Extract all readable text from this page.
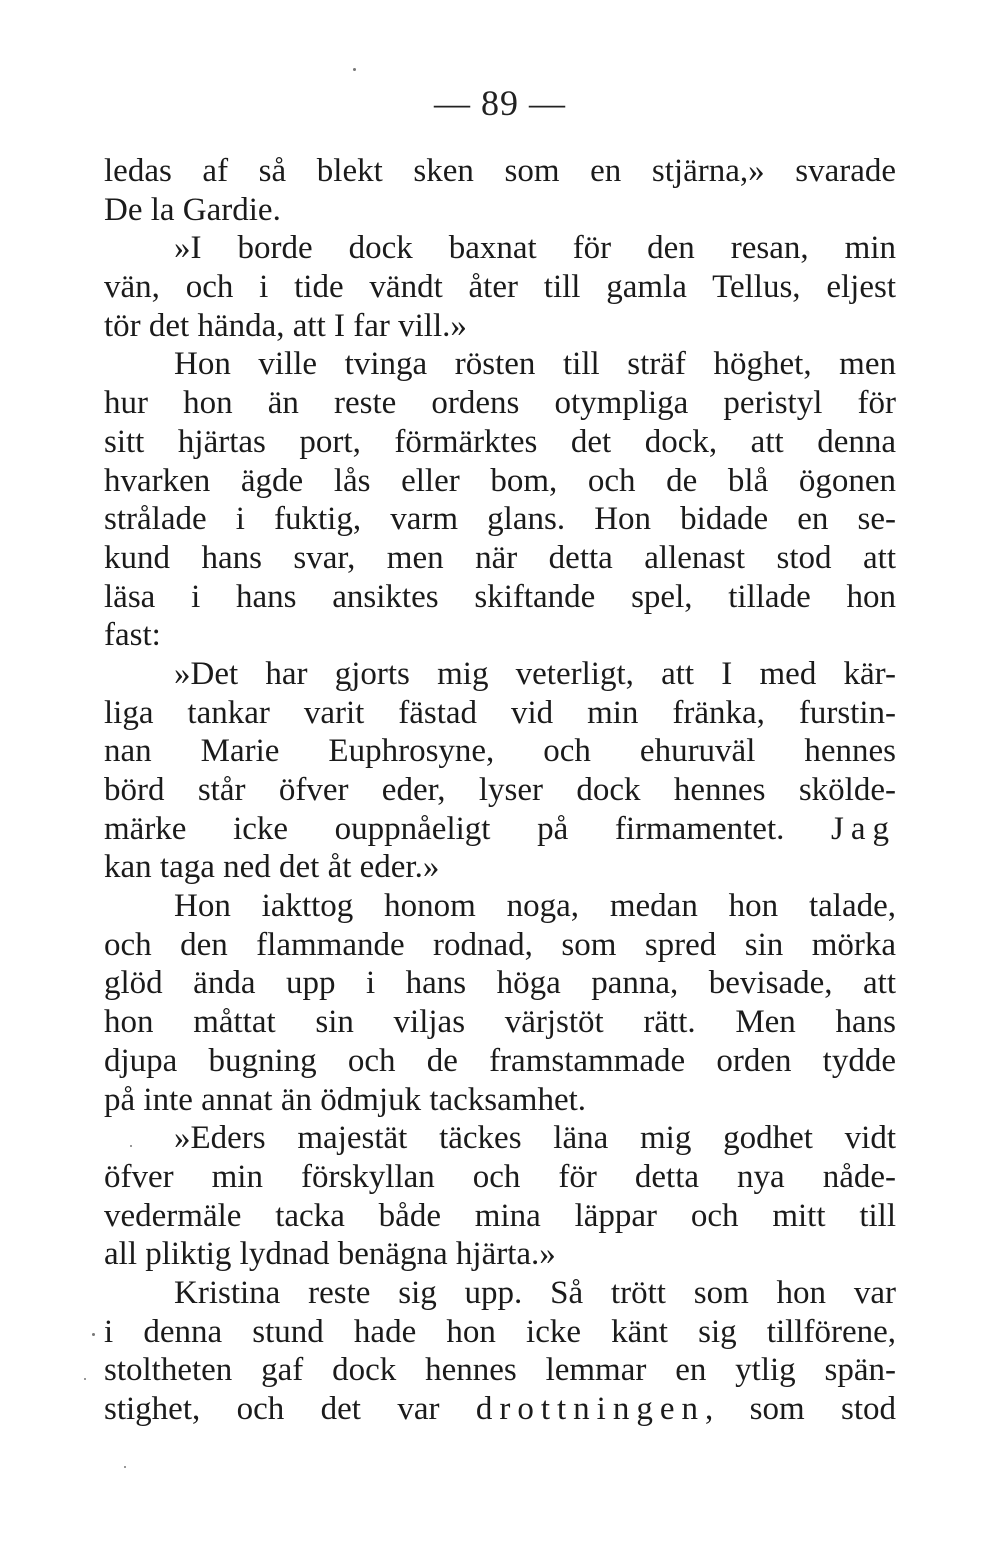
— 89 —
ledas af så blekt sken som en stjärna,» svarade
De la Gardie.
»I borde dock baxnat för den resan, min
vän, och i tide vändt åter till gamla Tellus, eljest
tör det hända, att I far vill.»
Hon ville tvinga rösten till sträf höghet, men
hur hon än reste ordens otympliga peristyl för
sitt hjärtas port, förmärktes det dock, att denna
hvarken ägde lås eller bom, och de blå ögonen
strålade i fuktig, varm glans. Hon bidade en se-
kund hans svar, men när detta allenast stod att
läsa i hans ansiktes skiftande spel, tillade hon
fast:
»Det har gjorts mig veterligt, att I med kär-
liga tankar varit fästad vid min fränka, furstin-
nan Marie Euphrosyne, och ehuruväl hennes
börd står öfver eder, lyser dock hennes skölde-
märke icke ouppnåeligt på firmamentet. Jag
kan taga ned det åt eder.»
Hon iakttog honom noga, medan hon talade,
och den flammande rodnad, som spred sin mörka
glöd ända upp i hans höga panna, bevisade, att
hon måttat sin viljas värjstöt rätt. Men hans
djupa bugning och de framstammade orden tydde
på inte annat än ödmjuk tacksamhet.
»Eders majestät täckes läna mig godhet vidt
öfver min förskyllan och för detta nya nåde-
vedermäle tacka både mina läppar och mitt till
all pliktig lydnad benägna hjärta.»
Kristina reste sig upp. Så trött som hon var
i denna stund hade hon icke känt sig tillförene,
stoltheten gaf dock hennes lemmar en ytlig spän-
stighet, och det var drottningen, som stod
